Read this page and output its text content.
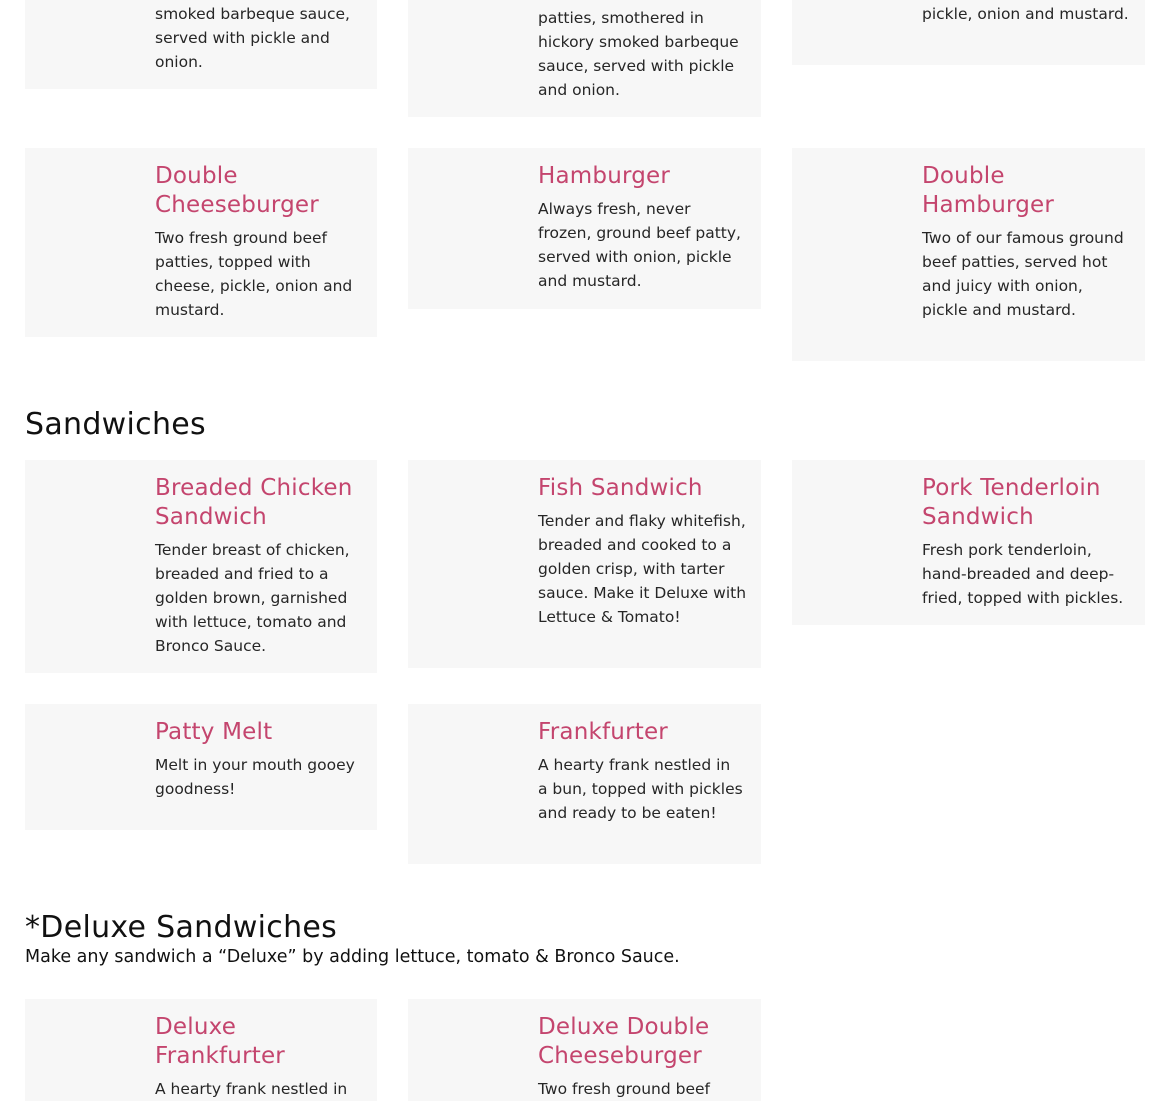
smoked barbeque sauce, served with pickle and onion.
patties, smothered in hickory smoked barbeque sauce, served with pickle and onion.
pickle, onion and mustard.
Double Cheeseburger
Two fresh ground beef patties, topped with cheese, pickle, onion and mustard.
Hamburger
Always fresh, never frozen, ground beef patty, served with onion, pickle and mustard.
Double Hamburger
Two of our famous ground beef patties, served hot and juicy with onion, pickle and mustard.
Sandwiches
Breaded Chicken Sandwich
Tender breast of chicken, breaded and fried to a golden brown, garnished with lettuce, tomato and Bronco Sauce.
Fish Sandwich
Tender and flaky whitefish, breaded and cooked to a golden crisp, with tarter sauce. Make it Deluxe with Lettuce & Tomato!
Pork Tenderloin Sandwich
Fresh pork tenderloin, hand-breaded and deep-fried, topped with pickles.
Patty Melt
Melt in your mouth gooey goodness!
Frankfurter
A hearty frank nestled in a bun, topped with pickles and ready to be eaten!
*Deluxe Sandwiches
Make any sandwich a “Deluxe” by adding lettuce, tomato & Bronco Sauce.
Deluxe Frankfurter
A hearty frank nestled in
Deluxe Double Cheeseburger
Two fresh ground beef
